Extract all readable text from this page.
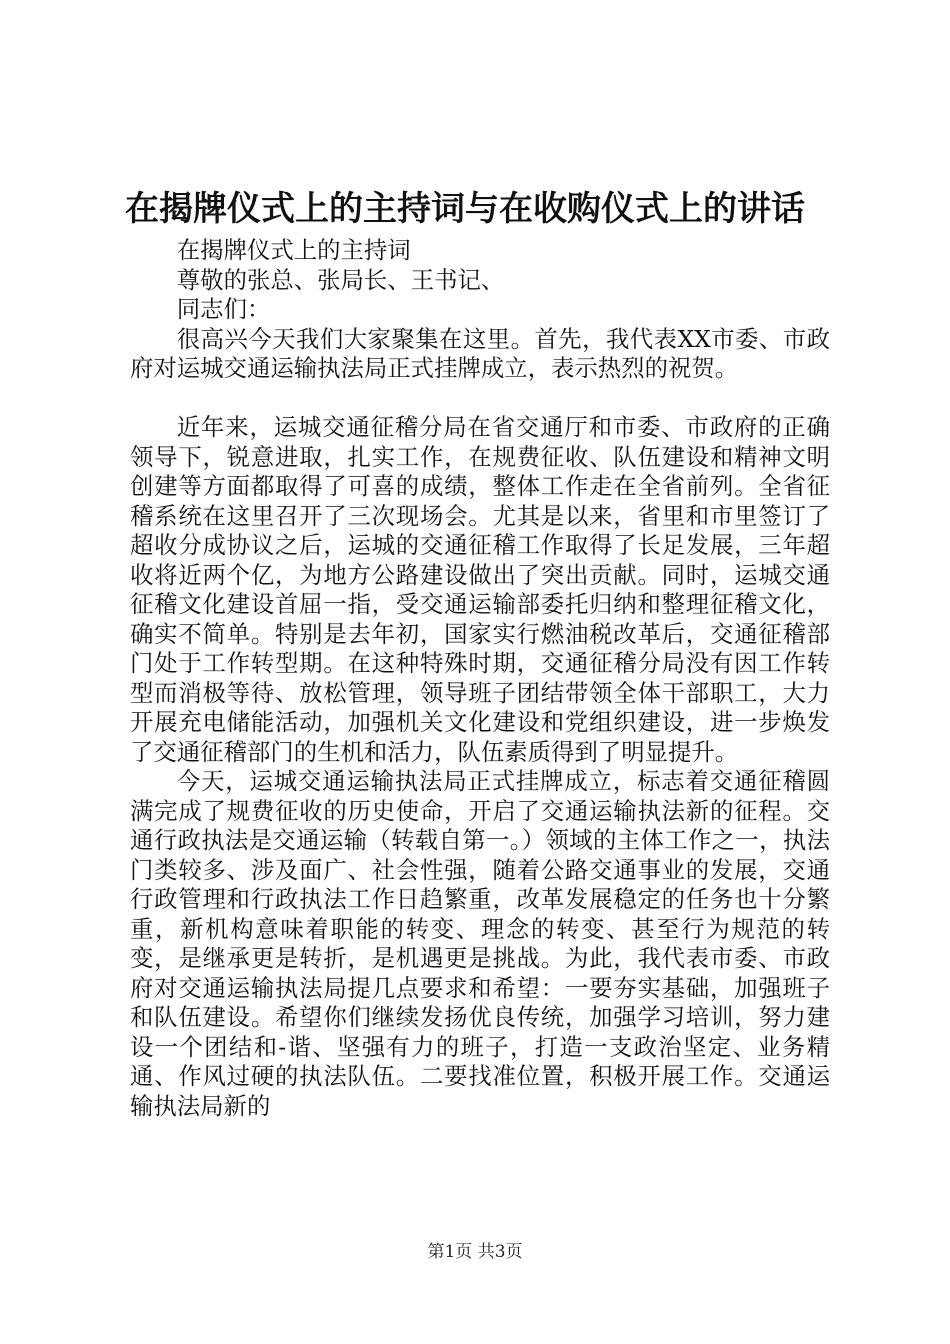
在揭牌仪式上的主持词与在收购仪式上的讲话

在揭牌仪式上的主持词

尊敬的张总、张局长、王书记、

同志们：

很高兴今天我们大家聚集在这里。首先，我代表XX市委、市政府对运城交通运输执法局正式挂牌成立，表示热烈的祝贺。

近年来，运城交通征稽分局在省交通厅和市委、市政府的正确领导下，锐意进取，扎实工作，在规费征收、队伍建设和精神文明创建等方面都取得了可喜的成绩，整体工作走在全省前列。全省征稽系统在这里召开了三次现场会。尤其是以来，省里和市里签订了超收分成协议之后，运城的交通征稽工作取得了长足发展，三年超收将近两个亿，为地方公路建设做出了突出贡献。同时，运城交通征稽文化建设首屈一指，受交通运输部委托归纳和整理征稽文化，确实不简单。特别是去年初，国家实行燃油税改革后，交通征稽部门处于工作转型期。在这种特殊时期，交通征稽分局没有因工作转型而消极等待、放松管理，领导班子团结带领全体干部职工，大力开展充电储能活动，加强机关文化建设和党组织建设，进一步焕发了交通征稽部门的生机和活力，队伍素质得到了明显提升。

今天，运城交通运输执法局正式挂牌成立，标志着交通征稽圆满完成了规费征收的历史使命，开启了交通运输执法新的征程。交通行政执法是交通运输（转载自第一。）领域的主体工作之一，执法门类较多、涉及面广、社会性强，随着公路交通事业的发展，交通行政管理和行政执法工作日趋繁重，改革发展稳定的任务也十分繁重，新机构意味着职能的转变、理念的转变、甚至行为规范的转变，是继承更是转折，是机遇更是挑战。为此，我代表市委、市政府对交通运输执法局提几点要求和希望：一要夯实基础，加强班子和队伍建设。希望你们继续发扬优良传统，加强学习培训，努力建设一个团结和-谐、坚强有力的班子，打造一支政治坚定、业务精通、作风过硬的执法队伍。二要找准位置，积极开展工作。交通运输执法局新的

第1页 共3页
